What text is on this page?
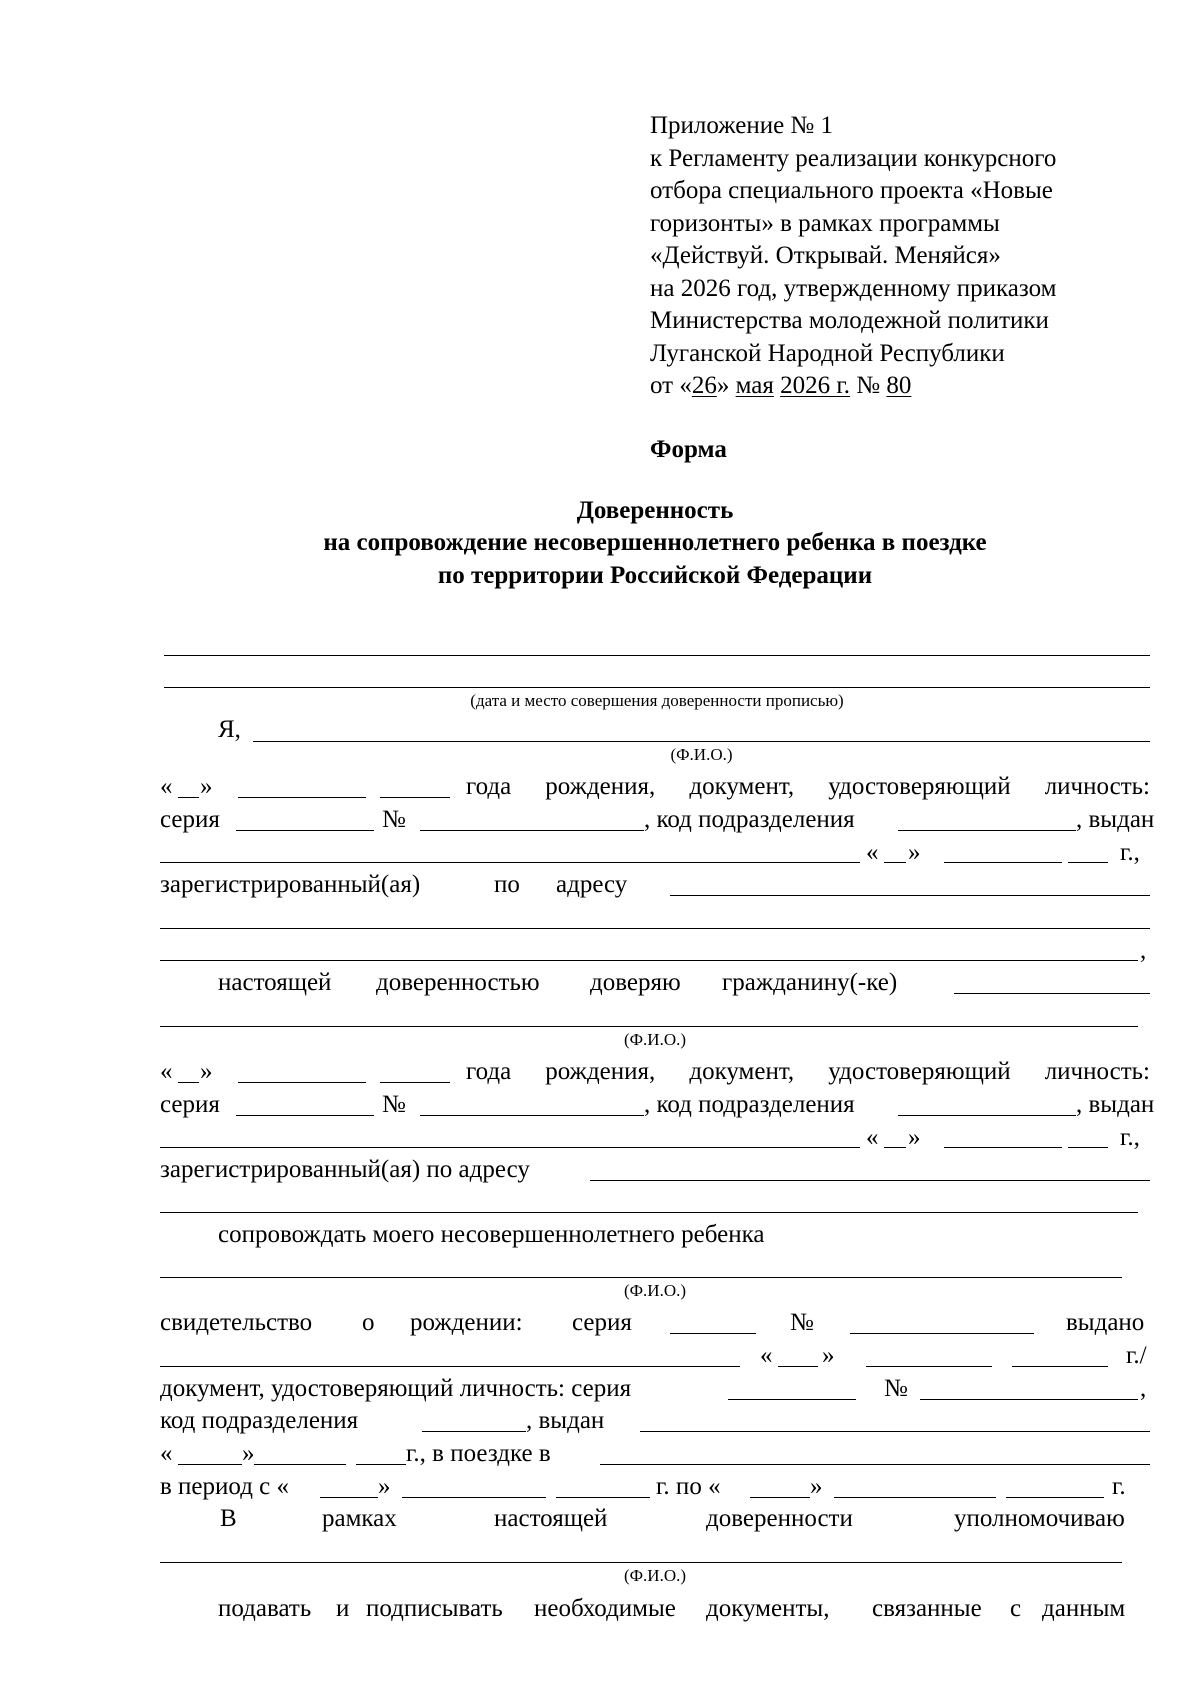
Приложение № 1
к Регламенту реализации конкурсного
отбора специального проекта «Новые
горизонты» в рамках программы
«Действуй. Открывай. Меняйся»
на 2026 год, утвержденному приказом
Министерства молодежной политики
Луганской Народной Республики
от «26» мая 2026 г. № 80
Форма
Доверенность
на сопровождение несовершеннолетнего ребенка в поездке
по территории Российской Федерации
(дата и место совершения доверенности прописью)
Я,
(Ф.И.О.)
« »	года рождения, документ, удостоверяющий личность:
серия	№	, код подразделения	, выдан
« »	г.,
зарегистрированный(ая)	по адресу
,
настоящей доверенностью доверяю гражданину(-ке)
(Ф.И.О.)
« »	года рождения, документ, удостоверяющий личность:
серия	№	, код подразделения	, выдан
« »	г.,
зарегистрированный(ая) по адресу
сопровождать моего несовершеннолетнего ребенка
(Ф.И.О.)
свидетельство о рождении: серия	№	выдано
« »	г./
документ, удостоверяющий личность: серия	№	,
код подразделения	, выдан
«	»	г., в поездке в
в период с «	»	г. по «	»	г.
В	рамках	настоящей	доверенности	уполномочиваю
(Ф.И.О.)
подавать и подписывать необходимые документы, связанные с данным
